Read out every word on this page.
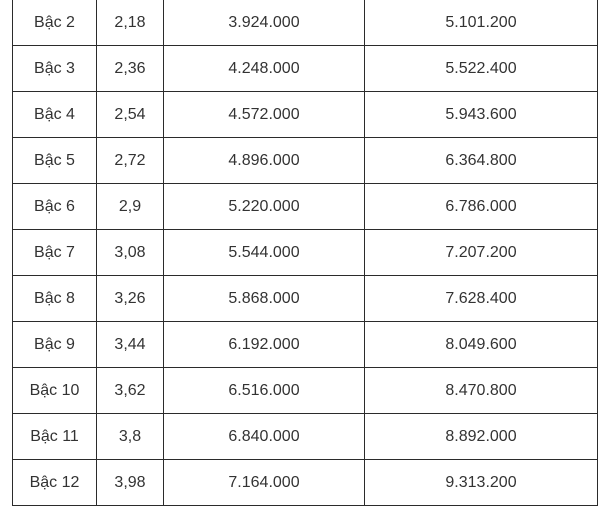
Bậc 2	2,18	3.924.000	5.101.200
Bậc 3	2,36	4.248.000	5.522.400
Bậc 4	2,54	4.572.000	5.943.600
Bậc 5	2,72	4.896.000	6.364.800
Bậc 6	2,9	5.220.000	6.786.000
Bậc 7	3,08	5.544.000	7.207.200
Bậc 8	3,26	5.868.000	7.628.400
Bậc 9	3,44	6.192.000	8.049.600
Bậc 10	3,62	6.516.000	8.470.800
Bậc 11	3,8	6.840.000	8.892.000
Bậc 12	3,98	7.164.000	9.313.200
